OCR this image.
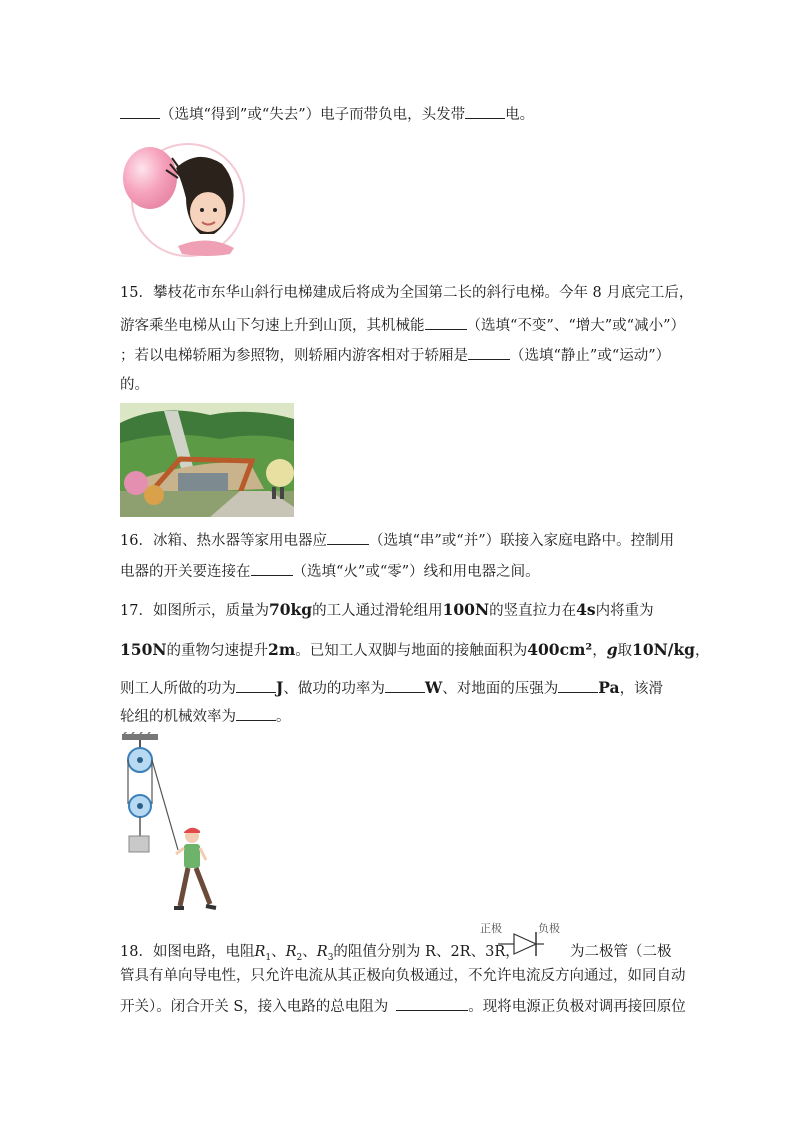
（选填“得到”或“失去”）电子而带负电，头发带	电。
15．攀枝花市东华山斜行电梯建成后将成为全国第二长的斜行电梯。今年 8 月底完工后，
游客乘坐电梯从山下匀速上升到山顶，其机械能	（选填“不变”、“增大”或“减小”）
；若以电梯轿厢为参照物，则轿厢内游客相对于轿厢是	（选填“静止”或“运动”）
的。
16．冰箱、热水器等家用电器应	（选填“串”或“并”）联接入家庭电路中。控制用
电器的开关要连接在	（选填“火”或“零”）线和用电器之间。
17．如图所示，质量为70kg的工人通过滑轮组用100N的竖直拉力在4s内将重为
150N的重物匀速提升2m。已知工人双脚与地面的接触面积为400cm²，g取10N/kg，
则工人所做的功为	J、做功的功率为	W、对地面的压强为	Pa，该滑
轮组的机械效率为	。
18．如图电路，电阻$R_1$、$R_2$、$R_3$的阻值分别为 R、2R、3R，
正极	负极
为二极管（二极
管具有单向导电性，只允许电流从其正极向负极通过，不允许电流反方向通过，如同自动
开关）。闭合开关 S，接入电路的总电阻为	。现将电源正负极对调再接回原位
